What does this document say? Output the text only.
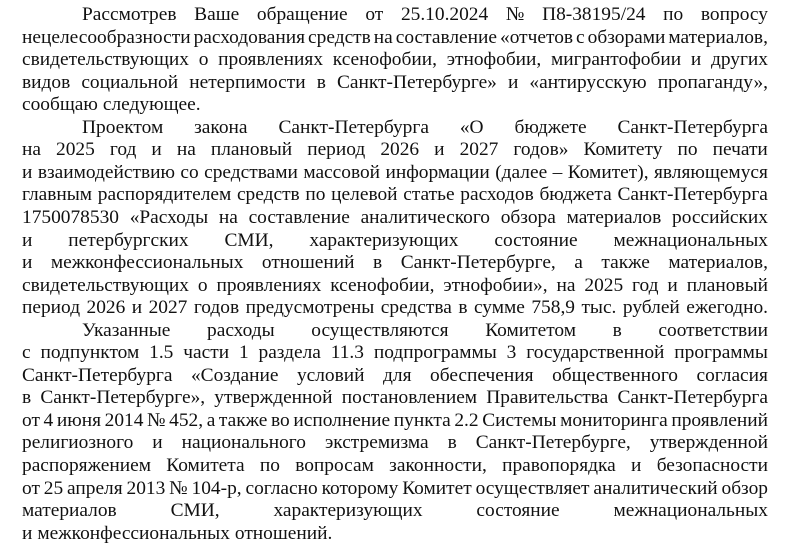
Рассмотрев Ваше обращение от 25.10.2024 № П8-38195/24 по вопросу
нецелесообразности расходования средств на составление «отчетов с обзорами материалов,
свидетельствующих о проявлениях ксенофобии, этнофобии, мигрантофобии и других
видов социальной нетерпимости в Санкт-Петербурге» и «антирусскую пропаганду»,
сообщаю следующее.
Проектом закона Санкт-Петербурга «О бюджете Санкт-Петербурга
на 2025 год и на плановый период 2026 и 2027 годов» Комитету по печати
и взаимодействию со средствами массовой информации (далее – Комитет), являющемуся
главным распорядителем средств по целевой статье расходов бюджета Санкт-Петербурга
1750078530 «Расходы на составление аналитического обзора материалов российских
и петербургских СМИ, характеризующих состояние межнациональных
и межконфессиональных отношений в Санкт-Петербурге, а также материалов,
свидетельствующих о проявлениях ксенофобии, этнофобии», на 2025 год и плановый
период 2026 и 2027 годов предусмотрены средства в сумме 758,9 тыс. рублей ежегодно.
Указанные расходы осуществляются Комитетом в соответствии
с подпунктом 1.5 части 1 раздела 11.3 подпрограммы 3 государственной программы
Санкт-Петербурга «Создание условий для обеспечения общественного согласия
в Санкт-Петербурге», утвержденной постановлением Правительства Санкт-Петербурга
от 4 июня 2014 № 452, а также во исполнение пункта 2.2 Системы мониторинга проявлений
религиозного и национального экстремизма в Санкт-Петербурге, утвержденной
распоряжением Комитета по вопросам законности, правопорядка и безопасности
от 25 апреля 2013 № 104-р, согласно которому Комитет осуществляет аналитический обзор
материалов	СМИ,	характеризующих	состояние	межнациональных
и межконфессиональных отношений.
